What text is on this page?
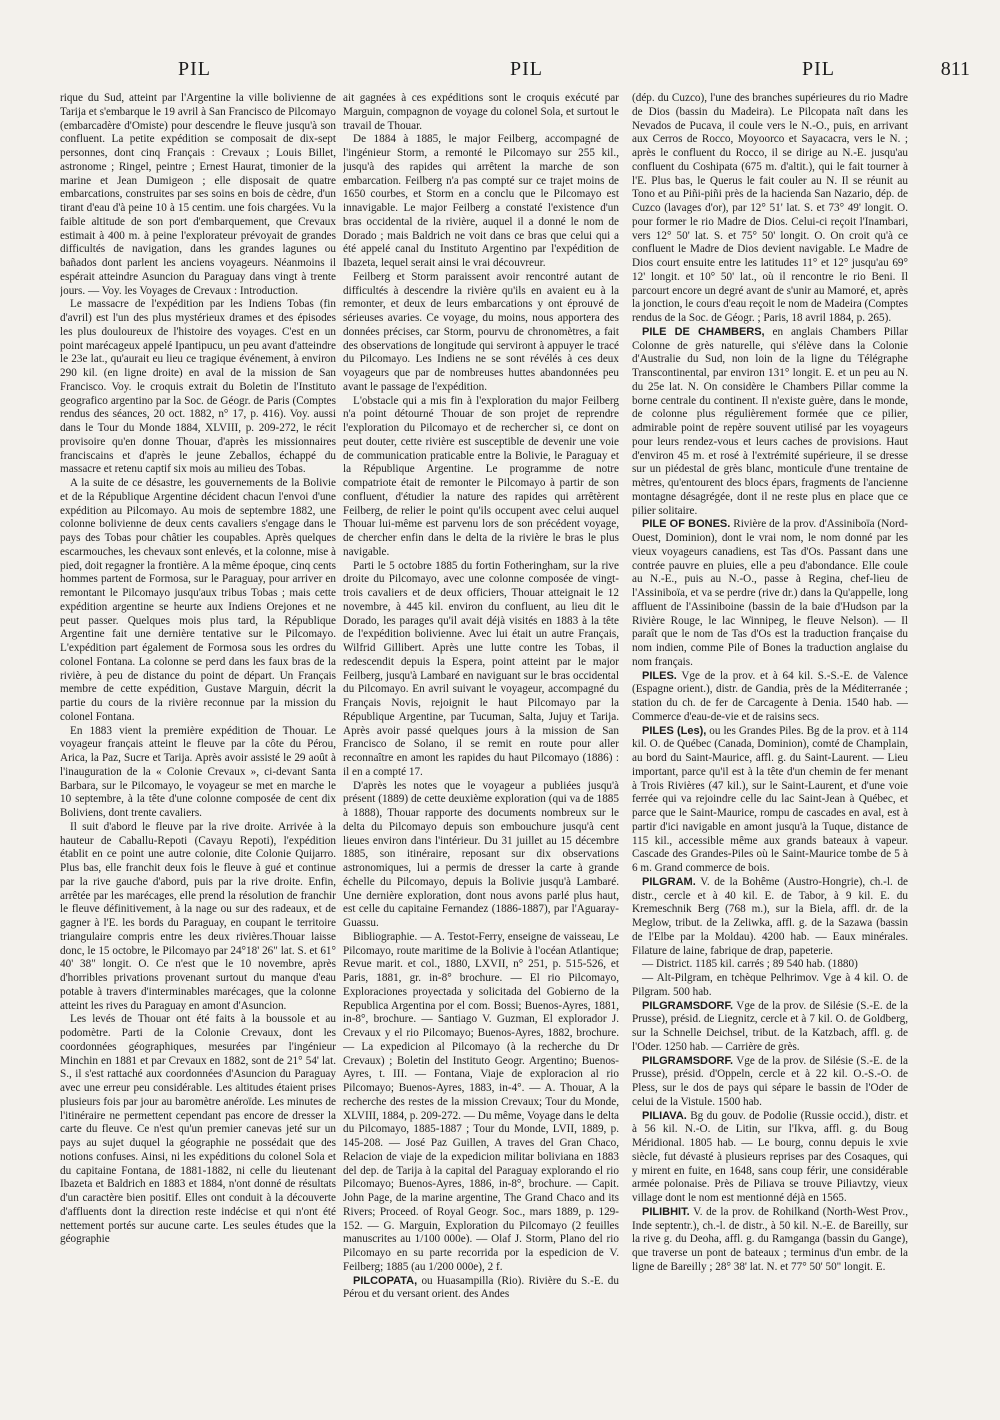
PIL	PIL	PIL	811

rique du Sud, atteint par l'Argentine la ville bolivienne de Tarija et s'embarque le 19 avril à San Francisco de Pilcomayo (embarcadère d'Omiste) pour descendre le fleuve jusqu'à son confluent. La petite expédition se composait de dix-sept personnes, dont cinq Français : Crevaux ; Louis Billet, astronome ; Ringel, peintre ; Ernest Haurat, timonier de la marine et Jean Dumigeon ; elle disposait de quatre embarcations, construites par ses soins en bois de cèdre, d'un tirant d'eau d'à peine 10 à 15 centim. une fois chargées. Vu la faible altitude de son port d'embarquement, que Crevaux estimait à 400 m. à peine l'explorateur prévoyait de grandes difficultés de navigation, dans les grandes lagunes ou bañados dont parlent les anciens voyageurs. Néanmoins il espérait atteindre Asuncion du Paraguay dans vingt à trente jours. — Voy. les Voyages de Crevaux : Introduction.

Le massacre de l'expédition par les Indiens Tobas (fin d'avril) est l'un des plus mystérieux drames et des épisodes les plus douloureux de l'histoire des voyages. C'est en un point marécageux appelé Ipantipucu, un peu avant d'atteindre le 23e lat., qu'aurait eu lieu ce tragique événement, à environ 290 kil. (en ligne droite) en aval de la mission de San Francisco. Voy. le croquis extrait du Boletin de l'Instituto geografico argentino par la Soc. de Géogr. de Paris (Comptes rendus des séances, 20 oct. 1882, n° 17, p. 416). Voy. aussi dans le Tour du Monde 1884, XLVIII, p. 209-272, le récit provisoire qu'en donne Thouar, d'après les missionnaires franciscains et d'après le jeune Zeballos, échappé du massacre et retenu captif six mois au milieu des Tobas.

A la suite de ce désastre, les gouvernements de la Bolivie et de la République Argentine décident chacun l'envoi d'une expédition au Pilcomayo. Au mois de septembre 1882, une colonne bolivienne de deux cents cavaliers s'engage dans le pays des Tobas pour châtier les coupables. Après quelques escarmouches, les chevaux sont enlevés, et la colonne, mise à pied, doit regagner la frontière. A la même époque, cinq cents hommes partent de Formosa, sur le Paraguay, pour arriver en remontant le Pilcomayo jusqu'aux tribus Tobas ; mais cette expédition argentine se heurte aux Indiens Orejones et ne peut passer. Quelques mois plus tard, la République Argentine fait une dernière tentative sur le Pilcomayo. L'expédition part également de Formosa sous les ordres du colonel Fontana. La colonne se perd dans les faux bras de la rivière, à peu de distance du point de départ. Un Français membre de cette expédition, Gustave Marguin, décrit la partie du cours de la rivière reconnue par la mission du colonel Fontana.

En 1883 vient la première expédition de Thouar. Le voyageur français atteint le fleuve par la côte du Pérou, Arica, la Paz, Sucre et Tarija. Après avoir assisté le 29 août à l'inauguration de la « Colonie Crevaux », ci-devant Santa Barbara, sur le Pilcomayo, le voyageur se met en marche le 10 septembre, à la tête d'une colonne composée de cent dix Boliviens, dont trente cavaliers.

Il suit d'abord le fleuve par la rive droite. Arrivée à la hauteur de Caballu-Repoti (Cavayu Repoti), l'expédition établit en ce point une autre colonie, dite Colonie Quijarro. Plus bas, elle franchit deux fois le fleuve à gué et continue par la rive gauche d'abord, puis par la rive droite. Enfin, arrêtée par les marécages, elle prend la résolution de franchir le fleuve définitivement, à la nage ou sur des radeaux, et de gagner à l'E. les bords du Paraguay, en coupant le territoire triangulaire compris entre les deux rivières.Thouar laisse donc, le 15 octobre, le Pilcomayo par 24°18' 26" lat. S. et 61° 40' 38" longit. O. Ce n'est que le 10 novembre, après d'horribles privations provenant surtout du manque d'eau potable à travers d'interminables marécages, que la colonne atteint les rives du Paraguay en amont d'Asuncion.

Les levés de Thouar ont été faits à la boussole et au podomètre. Parti de la Colonie Crevaux, dont les coordonnées géographiques, mesurées par l'ingénieur Minchin en 1881 et par Crevaux en 1882, sont de 21° 54' lat. S., il s'est rattaché aux coordonnées d'Asuncion du Paraguay avec une erreur peu considérable. Les altitudes étaient prises plusieurs fois par jour au baromètre anéroïde. Les minutes de l'itinéraire ne permettent cependant pas encore de dresser la carte du fleuve. Ce n'est qu'un premier canevas jeté sur un pays au sujet duquel la géographie ne possédait que des notions confuses. Ainsi, ni les expéditions du colonel Sola et du capitaine Fontana, de 1881-1882, ni celle du lieutenant Ibazeta et Baldrich en 1883 et 1884, n'ont donné de résultats d'un caractère bien positif. Elles ont conduit à la découverte d'affluents dont la direction reste indécise et qui n'ont été nettement portés sur aucune carte. Les seules études que la géographie

ait gagnées à ces expéditions sont le croquis exécuté par Marguin, compagnon de voyage du colonel Sola, et surtout le travail de Thouar.

De 1884 à 1885, le major Feilberg, accompagné de l'ingénieur Storm, a remonté le Pilcomayo sur 255 kil., jusqu'à des rapides qui arrêtent la marche de son embarcation. Feilberg n'a pas compté sur ce trajet moins de 1650 courbes, et Storm en a conclu que le Pilcomayo est innavigable. Le major Feilberg a constaté l'existence d'un bras occidental de la rivière, auquel il a donné le nom de Dorado ; mais Baldrich ne voit dans ce bras que celui qui a été appelé canal du Instituto Argentino par l'expédition de Ibazeta, lequel serait ainsi le vrai découvreur.

Feilberg et Storm paraissent avoir rencontré autant de difficultés à descendre la rivière qu'ils en avaient eu à la remonter, et deux de leurs embarcations y ont éprouvé de sérieuses avaries. Ce voyage, du moins, nous apportera des données précises, car Storm, pourvu de chronomètres, a fait des observations de longitude qui serviront à appuyer le tracé du Pilcomayo. Les Indiens ne se sont révélés à ces deux voyageurs que par de nombreuses huttes abandonnées peu avant le passage de l'expédition.

L'obstacle qui a mis fin à l'exploration du major Feilberg n'a point détourné Thouar de son projet de reprendre l'exploration du Pilcomayo et de rechercher si, ce dont on peut douter, cette rivière est susceptible de devenir une voie de communication praticable entre la Bolivie, le Paraguay et la République Argentine. Le programme de notre compatriote était de remonter le Pilcomayo à partir de son confluent, d'étudier la nature des rapides qui arrêtèrent Feilberg, de relier le point qu'ils occupent avec celui auquel Thouar lui-même est parvenu lors de son précédent voyage, de chercher enfin dans le delta de la rivière le bras le plus navigable.

Parti le 5 octobre 1885 du fortin Fotheringham, sur la rive droite du Pilcomayo, avec une colonne composée de vingt-trois cavaliers et de deux officiers, Thouar atteignait le 12 novembre, à 445 kil. environ du confluent, au lieu dit le Dorado, les parages qu'il avait déjà visités en 1883 à la tête de l'expédition bolivienne. Avec lui était un autre Français, Wilfrid Gillibert. Après une lutte contre les Tobas, il redescendit depuis la Espera, point atteint par le major Feilberg, jusqu'à Lambaré en naviguant sur le bras occidental du Pilcomayo. En avril suivant le voyageur, accompagné du Français Novis, rejoignit le haut Pilcomayo par la République Argentine, par Tucuman, Salta, Jujuy et Tarija. Après avoir passé quelques jours à la mission de San Francisco de Solano, il se remit en route pour aller reconnaître en amont les rapides du haut Pilcomayo (1886) : il en a compté 17.

D'après les notes que le voyageur a publiées jusqu'à présent (1889) de cette deuxième exploration (qui va de 1885 à 1888), Thouar rapporte des documents nombreux sur le delta du Pilcomayo depuis son embouchure jusqu'à cent lieues environ dans l'intérieur. Du 31 juillet au 15 décembre 1885, son itinéraire, reposant sur dix observations astronomiques, lui a permis de dresser la carte à grande échelle du Pilcomayo, depuis la Bolivie jusqu'à Lambaré. Une dernière exploration, dont nous avons parlé plus haut, est celle du capitaine Fernandez (1886-1887), par l'Aguaray-Guassu.

Bibliographie. — A. Testot-Ferry, enseigne de vaisseau, Le Pilcomayo, route maritime de la Bolivie à l'océan Atlantique; Revue marit. et col., 1880, LXVII, n° 251, p. 515-526, et Paris, 1881, gr. in-8° brochure. — El rio Pilcomayo, Exploraciones proyectada y solicitada del Gobierno de la Republica Argentina por el com. Bossi; Buenos-Ayres, 1881, in-8°, brochure. — Santiago V. Guzman, El explorador J. Crevaux y el rio Pilcomayo; Buenos-Ayres, 1882, brochure. — La expedicion al Pilcomayo (à la recherche du Dr Crevaux) ; Boletin del Instituto Geogr. Argentino; Buenos-Ayres, t. III. — Fontana, Viaje de exploracion al rio Pilcomayo; Buenos-Ayres, 1883, in-4°. — A. Thouar, A la recherche des restes de la mission Crevaux; Tour du Monde, XLVIII, 1884, p. 209-272. — Du même, Voyage dans le delta du Pilcomayo, 1885-1887 ; Tour du Monde, LVII, 1889, p. 145-208. — José Paz Guillen, A traves del Gran Chaco, Relacion de viaje de la expedicion militar boliviana en 1883 del dep. de Tarija à la capital del Paraguay explorando el rio Pilcomayo; Buenos-Ayres, 1886, in-8°, brochure. — Capit. John Page, de la marine argentine, The Grand Chaco and its Rivers; Proceed. of Royal Geogr. Soc., mars 1889, p. 129-152. — G. Marguin, Exploration du Pilcomayo (2 feuilles manuscrites au 1/100 000e). — Olaf J. Storm, Plano del rio Pilcomayo en su parte recorrida por la espedicion de V. Feilberg; 1885 (au 1/200 000e), 2 f.

PILCOPATA, ou Huasampilla (Rio). Rivière du S.-E. du Pérou et du versant orient. des Andes

(dép. du Cuzco), l'une des branches supérieures du rio Madre de Dios (bassin du Madeira). Le Pilcopata naît dans les Nevados de Pucava, il coule vers le N.-O., puis, en arrivant aux Cerros de Rocco, Moyoorco et Sayacacra, vers le N. ; après le confluent du Rocco, il se dirige au N.-E. jusqu'au confluent du Coshipata (675 m. d'altit.), qui le fait tourner à l'E. Plus bas, le Querus le fait couler au N. Il se réunit au Tono et au Piñi-piñi près de la hacienda San Nazario, dép. de Cuzco (lavages d'or), par 12° 51' lat. S. et 73° 49' longit. O. pour former le rio Madre de Dios. Celui-ci reçoit l'Inambari, vers 12° 50' lat. S. et 75° 50' longit. O. On croit qu'à ce confluent le Madre de Dios devient navigable. Le Madre de Dios court ensuite entre les latitudes 11° et 12° jusqu'au 69° 12' longit. et 10° 50' lat., où il rencontre le rio Beni. Il parcourt encore un degré avant de s'unir au Mamoré, et, après la jonction, le cours d'eau reçoit le nom de Madeira (Comptes rendus de la Soc. de Géogr. ; Paris, 18 avril 1884, p. 265).

PILE DE CHAMBERS, en anglais Chambers Pillar Colonne de grès naturelle, qui s'élève dans la Colonie d'Australie du Sud, non loin de la ligne du Télégraphe Transcontinental, par environ 131° longit. E. et un peu au N. du 25e lat. N. On considère le Chambers Pillar comme la borne centrale du continent. Il n'existe guère, dans le monde, de colonne plus régulièrement formée que ce pilier, admirable point de repère souvent utilisé par les voyageurs pour leurs rendez-vous et leurs caches de provisions. Haut d'environ 45 m. et rosé à l'extrémité supérieure, il se dresse sur un piédestal de grès blanc, monticule d'une trentaine de mètres, qu'entourent des blocs épars, fragments de l'ancienne montagne désagrégée, dont il ne reste plus en place que ce pilier solitaire.

PILE OF BONES. Rivière de la prov. d'Assiniboïa (Nord-Ouest, Dominion), dont le vrai nom, le nom donné par les vieux voyageurs canadiens, est Tas d'Os. Passant dans une contrée pauvre en pluies, elle a peu d'abondance. Elle coule au N.-E., puis au N.-O., passe à Regina, chef-lieu de l'Assiniboïa, et va se perdre (rive dr.) dans la Qu'appelle, long affluent de l'Assiniboine (bassin de la baie d'Hudson par la Rivière Rouge, le lac Winnipeg, le fleuve Nelson). — Il paraît que le nom de Tas d'Os est la traduction française du nom indien, comme Pile of Bones la traduction anglaise du nom français.

PILES. Vge de la prov. et à 64 kil. S.-S.-E. de Valence (Espagne orient.), distr. de Gandia, près de la Méditerranée ; station du ch. de fer de Carcagente à Denia. 1540 hab. — Commerce d'eau-de-vie et de raisins secs.

PILES (Les), ou les Grandes Piles. Bg de la prov. et à 114 kil. O. de Québec (Canada, Dominion), comté de Champlain, au bord du Saint-Maurice, affl. g. du Saint-Laurent. — Lieu important, parce qu'il est à la tête d'un chemin de fer menant à Trois Rivières (47 kil.), sur le Saint-Laurent, et d'une voie ferrée qui va rejoindre celle du lac Saint-Jean à Québec, et parce que le Saint-Maurice, rompu de cascades en aval, est à partir d'ici navigable en amont jusqu'à la Tuque, distance de 115 kil., accessible même aux grands bateaux à vapeur. Cascade des Grandes-Piles où le Saint-Maurice tombe de 5 à 6 m. Grand commerce de bois.

PILGRAM. V. de la Bohême (Austro-Hongrie), ch.-l. de distr., cercle et à 40 kil. E. de Tabor, à 9 kil. E. du Kremeschnik Berg (768 m.), sur la Biela, affl. dr. de la Meglow, tribut. de la Zeliwka, affl. g. de la Sazawa (bassin de l'Elbe par la Moldau). 4200 hab. — Eaux minérales. Filature de laine, fabrique de drap, papeterie.

— District. 1185 kil. carrés ; 89 540 hab. (1880)

— Alt-Pilgram, en tchèque Pelhrimov. Vge à 4 kil. O. de Pilgram. 500 hab.

PILGRAMSDORF. Vge de la prov. de Silésie (S.-E. de la Prusse), présid. de Liegnitz, cercle et à 7 kil. O. de Goldberg, sur la Schnelle Deichsel, tribut. de la Katzbach, affl. g. de l'Oder. 1250 hab. — Carrière de grès.

PILGRAMSDORF. Vge de la prov. de Silésie (S.-E. de la Prusse), présid. d'Oppeln, cercle et à 22 kil. O.-S.-O. de Pless, sur le dos de pays qui sépare le bassin de l'Oder de celui de la Vistule. 1500 hab.

PILIAVA. Bg du gouv. de Podolie (Russie occid.), distr. et à 56 kil. N.-O. de Litin, sur l'Ikva, affl. g. du Boug Méridional. 1805 hab. — Le bourg, connu depuis le xvie siècle, fut dévasté à plusieurs reprises par des Cosaques, qui y mirent en fuite, en 1648, sans coup férir, une considérable armée polonaise. Près de Piliava se trouve Piliavtzy, vieux village dont le nom est mentionné déjà en 1565.

PILIBHIT. V. de la prov. de Rohilkand (North-West Prov., Inde septentr.), ch.-l. de distr., à 50 kil. N.-E. de Bareilly, sur la rive g. du Deoha, affl. g. du Ramganga (bassin du Gange), que traverse un pont de bateaux ; terminus d'un embr. de la ligne de Bareilly ; 28° 38' lat. N. et 77° 50' 50" longit. E.
